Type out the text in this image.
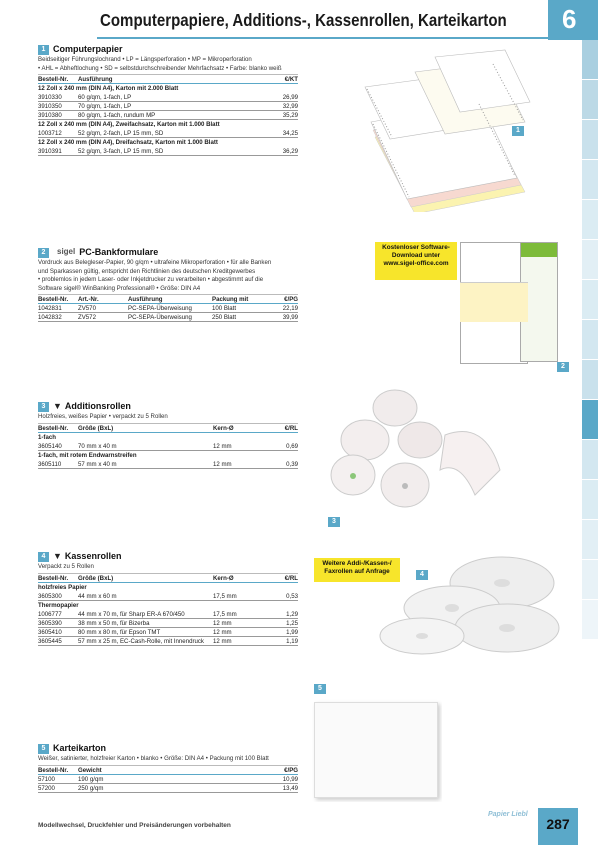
Computerpapiere, Additions-, Kassenrollen, Karteikarton 6
1 Computerpapier
Beidseitiger Führungslochrand • LP = Längsperforation • MP = Mikroperforation
• AHL = Abheftlochung • SD = selbstdurchschreibender Mehrfachsatz • Farbe: blanko weiß
Bestell-Nr.	Ausführung	€/KT
12 Zoll x 240 mm (DIN A4), Karton mit 2.000 Blatt
3910330	60 g/qm, 1-fach, LP	26,99
3910350	70 g/qm, 1-fach, LP	32,99
3910380	80 g/qm, 1-fach, rundum MP	35,29
12 Zoll x 240 mm (DIN A4), Zweifachsatz, Karton mit 1.000 Blatt
1003712	52 g/qm, 2-fach, LP 15 mm, SD	34,25
12 Zoll x 240 mm (DIN A4), Dreifachsatz, Karton mit 1.000 Blatt
3910391	52 g/qm, 3-fach, LP 15 mm, SD	36,29
1
2	sigel PC-Bankformulare
Vordruck aus Belegleser-Papier, 90 g/qm • ultrafeine Mikroperforation • für alle Banken
und Sparkassen gültig, entspricht den Richtlinien des deutschen Kreditgewerbes
• problemlos in jedem Laser- oder Inkjetdrucker zu verarbeiten • abgestimmt auf die
Software sigel® WinBanking Professional® • Größe: DIN A4
Bestell-Nr.	Art.-Nr.	Ausführung	Packung mit	€/PG
1042831	ZV570	PC-SEPA-Überweisung	100 Blatt	22,19
1042832	ZV572	PC-SEPA-Überweisung	250 Blatt	39,99
Kostenloser Software-
Download unter
www.sigel-office.com
2
3 ▼ Additionsrollen
Holzfreies, weißes Papier • verpackt zu 5 Rollen
Bestell-Nr.	Größe (BxL)	Kern-Ø	€/RL
1-fach
3605140	70 mm x 40 m	12 mm	0,69
1-fach, mit rotem Endwarnstreifen
3605110	57 mm x 40 m	12 mm	0,39
3
4 ▼ Kassenrollen
Verpackt zu 5 Rollen
Bestell-Nr.	Größe (BxL)	Kern-Ø	€/RL
holzfreies Papier
3605300	44 mm x 60 m	17,5 mm	0,53
Thermopapier
1006777	44 mm x 70 m, für Sharp ER-A 670/450	17,5 mm	1,29
3605390	38 mm x 50 m, für Bizerba	12 mm	1,25
3605410	80 mm x 80 m, für Epson TMT	12 mm	1,99
3605445	57 mm x 25 m, EC-Cash-Rolle, mit Innendruck	12 mm	1,19
Weitere Addi-/Kassen-/
Faxrollen auf Anfrage	4
5
5 Karteikarton
Weißer, satinierter, holzfreier Karton • blanko • Größe: DIN A4 • Packung mit 100 Blatt
Bestell-Nr.	Gewicht	€/PG
57100	190 g/qm	10,99
57200	250 g/qm	13,49
Modellwechsel, Druckfehler und Preisänderungen vorbehalten
Papier Liebl
287
